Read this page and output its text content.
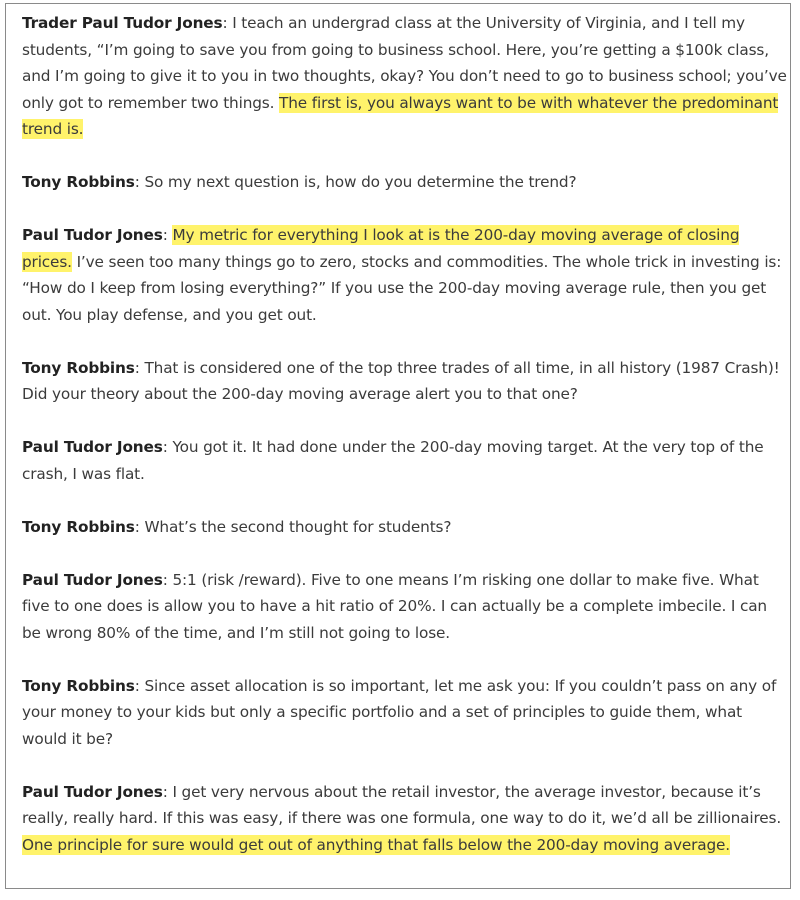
Trader Paul Tudor Jones: I teach an undergrad class at the University of Virginia, and I tell my students, “I’m going to save you from going to business school. Here, you’re getting a $100k class, and I’m going to give it to you in two thoughts, okay? You don’t need to go to business school; you’ve only got to remember two things. The first is, you always want to be with whatever the predominant trend is.

Tony Robbins: So my next question is, how do you determine the trend?

Paul Tudor Jones: My metric for everything I look at is the 200-day moving average of closing prices. I’ve seen too many things go to zero, stocks and commodities. The whole trick in investing is: “How do I keep from losing everything?” If you use the 200-day moving average rule, then you get out. You play defense, and you get out.

Tony Robbins: That is considered one of the top three trades of all time, in all history (1987 Crash)! Did your theory about the 200-day moving average alert you to that one?

Paul Tudor Jones: You got it. It had done under the 200-day moving target. At the very top of the crash, I was flat.

Tony Robbins: What’s the second thought for students?

Paul Tudor Jones: 5:1 (risk /reward). Five to one means I’m risking one dollar to make five. What five to one does is allow you to have a hit ratio of 20%. I can actually be a complete imbecile. I can be wrong 80% of the time, and I’m still not going to lose.

Tony Robbins: Since asset allocation is so important, let me ask you: If you couldn’t pass on any of your money to your kids but only a specific portfolio and a set of principles to guide them, what would it be?

Paul Tudor Jones: I get very nervous about the retail investor, the average investor, because it’s really, really hard. If this was easy, if there was one formula, one way to do it, we’d all be zillionaires. One principle for sure would get out of anything that falls below the 200-day moving average.
